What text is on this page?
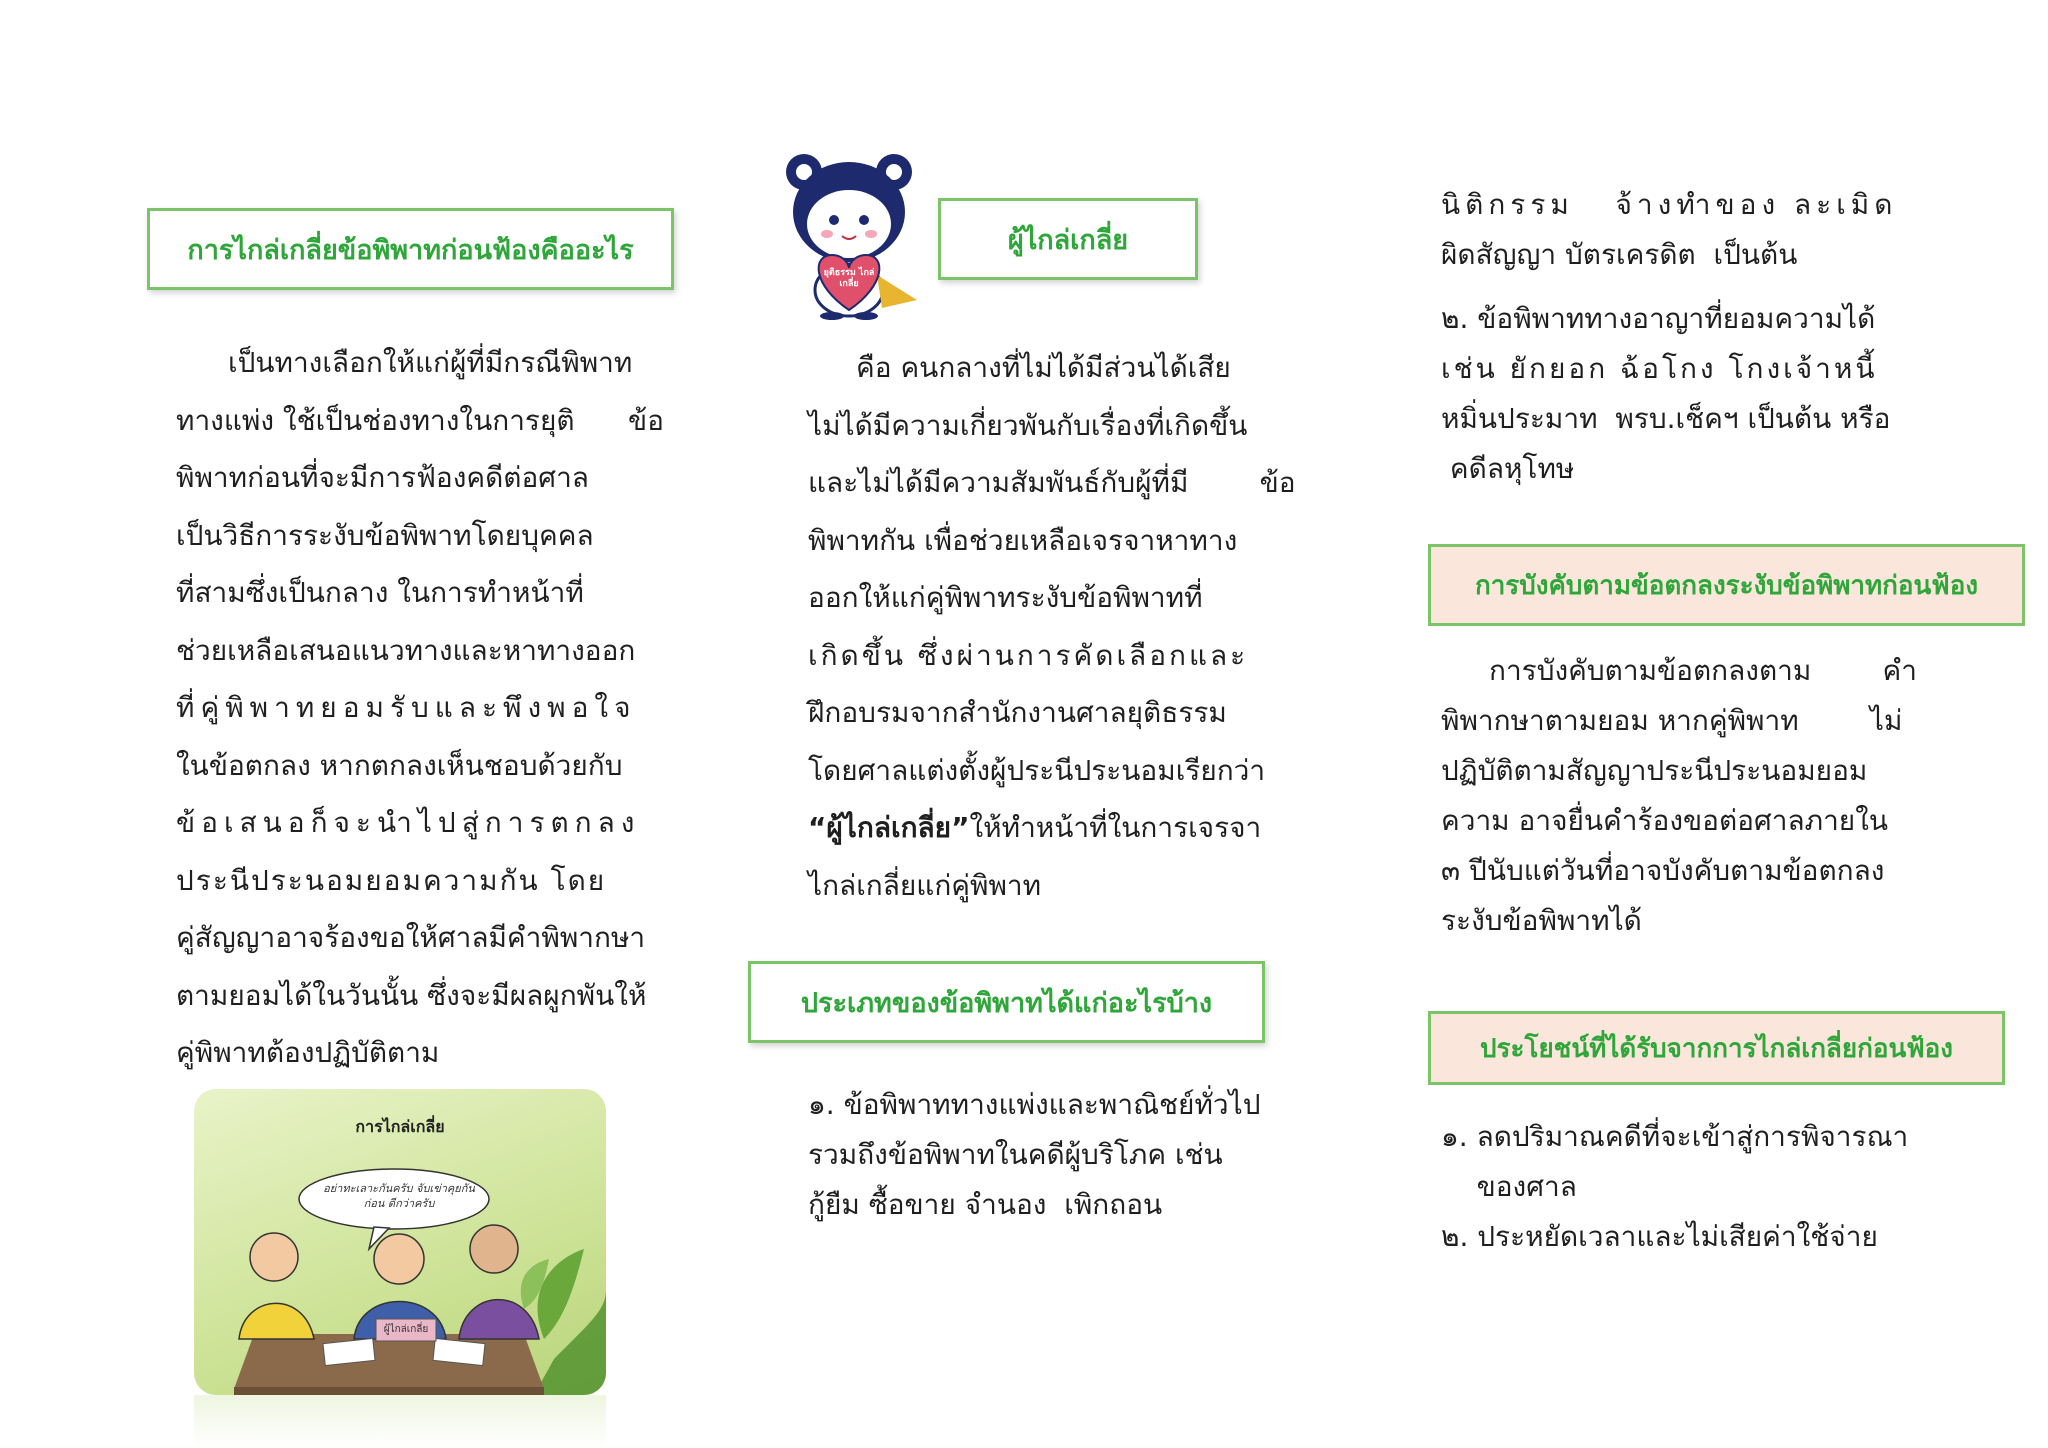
การไกล่เกลี่ยข้อพิพาทก่อนฟ้องคืออะไร
เป็นทางเลือกให้แก่ผู้ที่มีกรณีพิพาท
ทางแพ่ง ใช้เป็นช่องทางในการยุติ      ข้อ
พิพาทก่อนที่จะมีการฟ้องคดีต่อศาล
เป็นวิธีการระงับข้อพิพาทโดยบุคคล
ที่สามซึ่งเป็นกลาง ในการทำหน้าที่
ช่วยเหลือเสนอแนวทางและหาทางออก
ที่คู่พิพาทยอมรับและพึงพอใจ
ในข้อตกลง หากตกลงเห็นชอบด้วยกับ
ข้อเสนอก็จะนำไปสู่การตกลง
ประนีประนอมยอมความกัน โดย
คู่สัญญาอาจร้องขอให้ศาลมีคำพิพากษา
ตามยอมได้ในวันนั้น ซึ่งจะมีผลผูกพันให้
คู่พิพาทต้องปฏิบัติตาม
การไกล่เกลี่ย
อย่าทะเลาะกันครับ จับเข่าคุยกันก่อน ดีกว่าครับ
ผู้ไกล่เกลี่ย
ยุติธรรม ไกล่เกลี่ย
ผู้ไกล่เกลี่ย
คือ คนกลางที่ไม่ได้มีส่วนได้เสีย
ไม่ได้มีความเกี่ยวพันกับเรื่องที่เกิดขึ้น
และไม่ได้มีความสัมพันธ์กับผู้ที่มี        ข้อ
พิพาทกัน เพื่อช่วยเหลือเจรจาหาทาง
ออกให้แก่คู่พิพาทระงับข้อพิพาทที่
เกิดขึ้น ซึ่งผ่านการคัดเลือกและ
ฝึกอบรมจากสำนักงานศาลยุติธรรม
โดยศาลแต่งตั้งผู้ประนีประนอมเรียกว่า
“ผู้ไกล่เกลี่ย”ให้ทำหน้าที่ในการเจรจา
ไกล่เกลี่ยแก่คู่พิพาท
ประเภทของข้อพิพาทได้แก่อะไรบ้าง
๑. ข้อพิพาททางแพ่งและพาณิชย์ทั่วไป
รวมถึงข้อพิพาทในคดีผู้บริโภค เช่น
กู้ยืม ซื้อขาย จำนอง  เพิกถอน
นิติกรรม   จ้างทำของ ละเมิด
ผิดสัญญา บัตรเครดิต  เป็นต้น
๒. ข้อพิพาททางอาญาที่ยอมความได้
เช่น ยักยอก ฉ้อโกง โกงเจ้าหนี้
หมิ่นประมาท  พรบ.เช็คฯ เป็นต้น หรือ
คดีลหุโทษ
การบังคับตามข้อตกลงระงับข้อพิพาทก่อนฟ้อง
การบังคับตามข้อตกลงตาม        คำ
พิพากษาตามยอม หากคู่พิพาท        ไม่
ปฏิบัติตามสัญญาประนีประนอมยอม
ความ อาจยื่นคำร้องขอต่อศาลภายใน
๓ ปีนับแต่วันที่อาจบังคับตามข้อตกลง
ระงับข้อพิพาทได้
ประโยชน์ที่ได้รับจากการไกล่เกลี่ยก่อนฟ้อง
๑. ลดปริมาณคดีที่จะเข้าสู่การพิจารณา
ของศาล
๒. ประหยัดเวลาและไม่เสียค่าใช้จ่าย
